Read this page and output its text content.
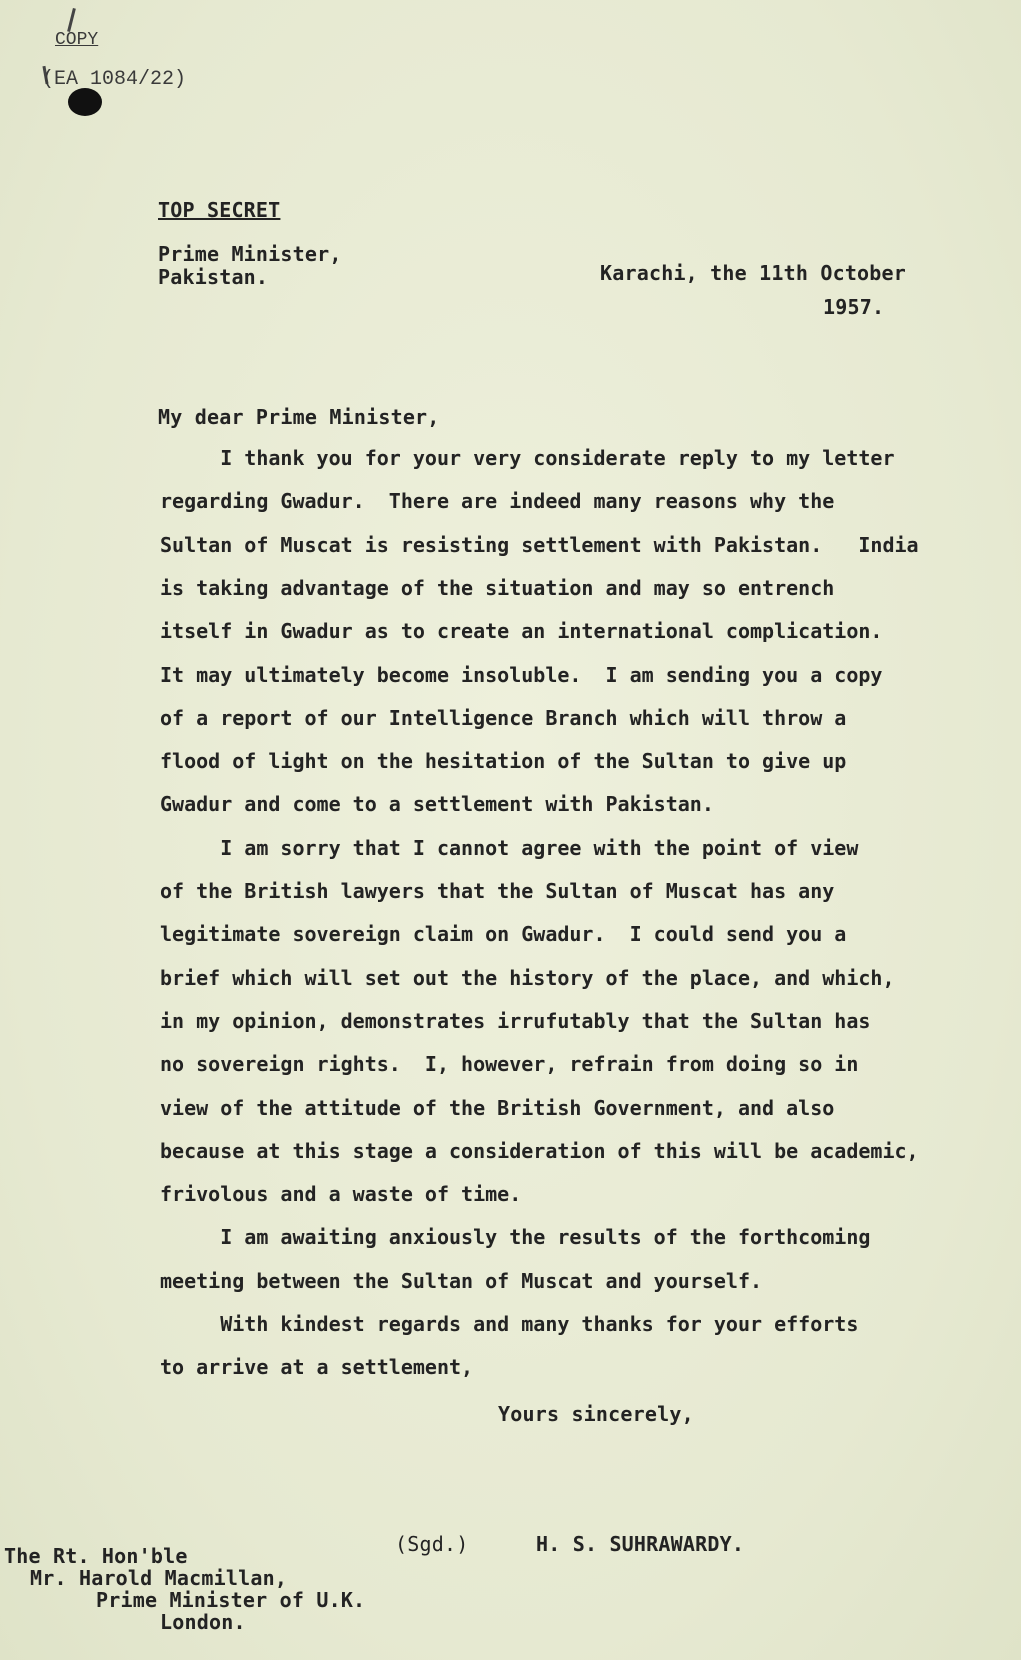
COPY
(EA 1084/22)
TOP SECRET
Prime Minister,
Pakistan.	Karachi, the 11th October
1957.
My dear Prime Minister,
I thank you for your very considerate reply to my letter
regarding Gwadur.  There are indeed many reasons why the
Sultan of Muscat is resisting settlement with Pakistan.   India
is taking advantage of the situation and may so entrench
itself in Gwadur as to create an international complication.
It may ultimately become insoluble.  I am sending you a copy
of a report of our Intelligence Branch which will throw a
flood of light on the hesitation of the Sultan to give up
Gwadur and come to a settlement with Pakistan.
I am sorry that I cannot agree with the point of view
of the British lawyers that the Sultan of Muscat has any
legitimate sovereign claim on Gwadur.  I could send you a
brief which will set out the history of the place, and which,
in my opinion, demonstrates irrufutably that the Sultan has
no sovereign rights.  I, however, refrain from doing so in
view of the attitude of the British Government, and also
because at this stage a consideration of this will be academic,
frivolous and a waste of time.
I am awaiting anxiously the results of the forthcoming
meeting between the Sultan of Muscat and yourself.
With kindest regards and many thanks for your efforts
to arrive at a settlement,
Yours sincerely,
(Sgd.)	H. S. SUHRAWARDY.
The Rt. Hon'ble
Mr. Harold Macmillan,
Prime Minister of U.K.
London.
